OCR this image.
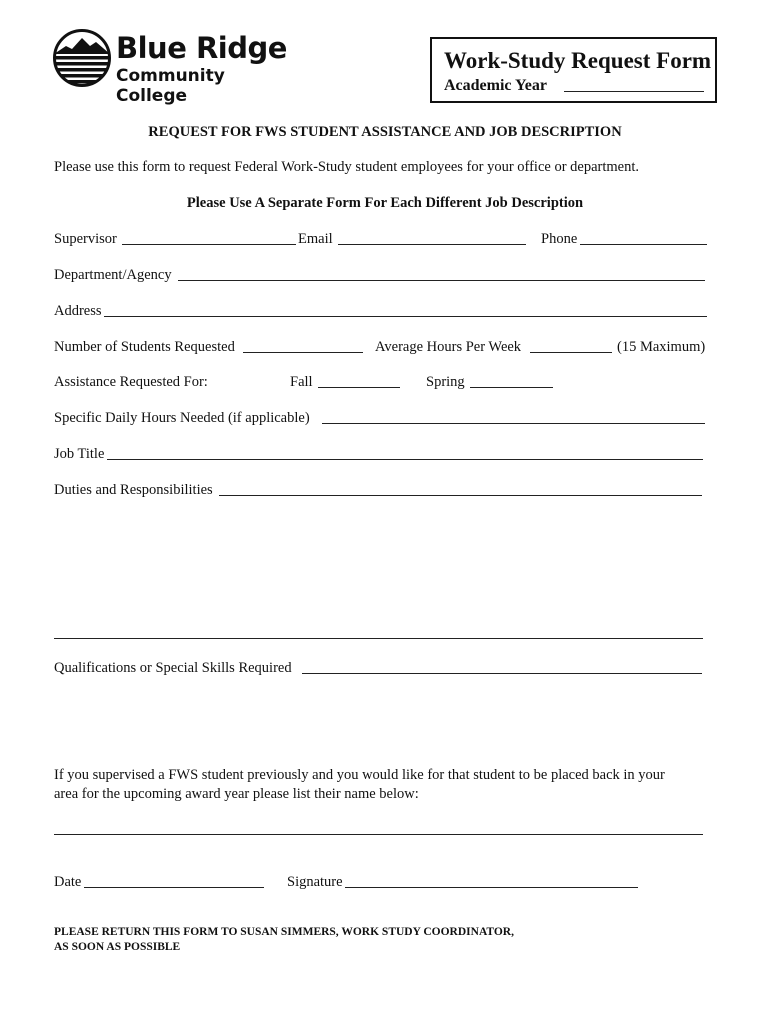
Blue Ridge
Community College
Work-Study Request Form
Academic Year
REQUEST FOR FWS STUDENT ASSISTANCE AND JOB DESCRIPTION
Please use this form to request Federal Work-Study student employees for your office or department.
Please Use A Separate Form For Each Different Job Description
Supervisor	Email	Phone
Department/Agency
Address
Number of Students Requested	Average Hours Per Week	(15 Maximum)
Assistance Requested For:	Fall	Spring
Specific Daily Hours Needed (if applicable)
Job Title
Duties and Responsibilities
Qualifications or Special Skills Required
If you supervised a FWS student previously and you would like for that student to be placed back in your
area for the upcoming award year please list their name below:
Date	Signature
PLEASE RETURN THIS FORM TO SUSAN SIMMERS, WORK STUDY COORDINATOR,
AS SOON AS POSSIBLE
